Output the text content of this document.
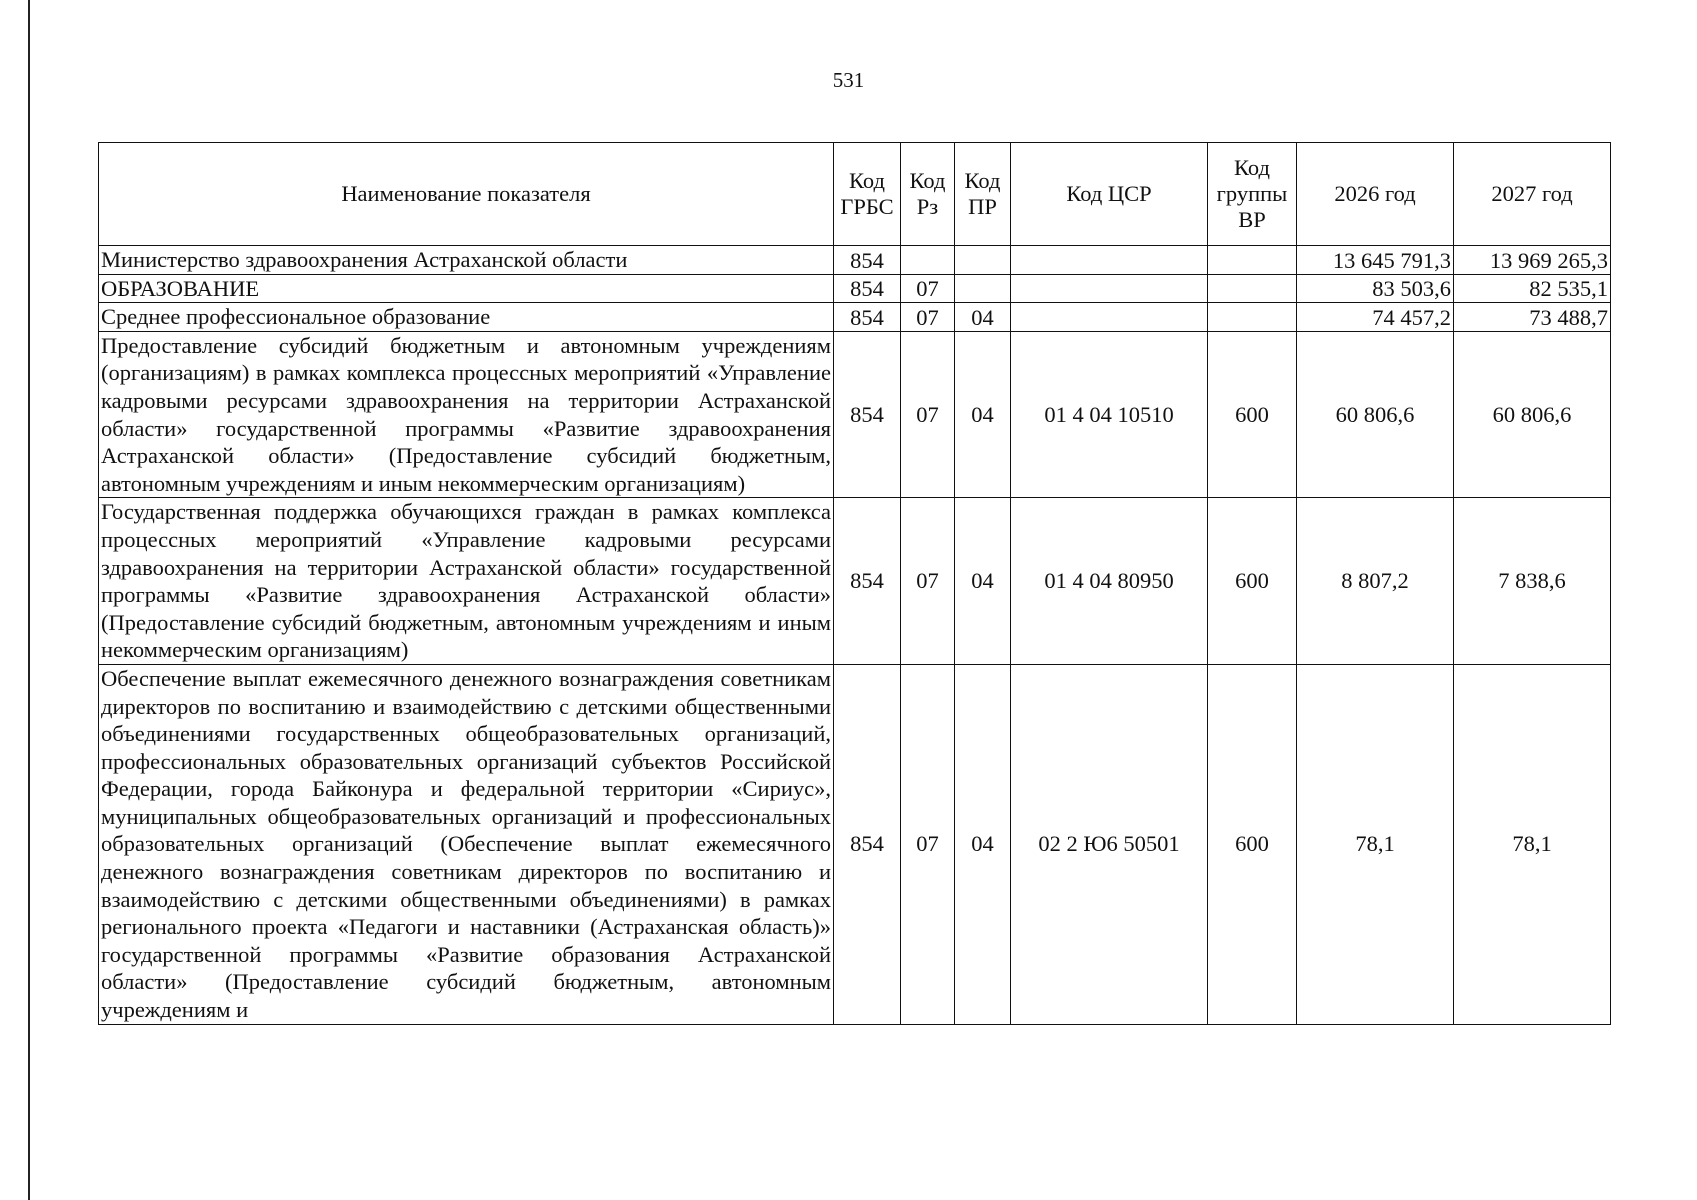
531
Наименование показателя	Код ГРБС	Код Рз	Код ПР	Код ЦСР	Код группы ВР	2026 год	2027 год
Министерство здравоохранения Астраханской области	854					13 645 791,3	13 969 265,3
ОБРАЗОВАНИЕ	854	07				83 503,6	82 535,1
Среднее профессиональное образование	854	07	04			74 457,2	73 488,7
Предоставление субсидий бюджетным и автономным учреждениям (организациям) в рамках комплекса процессных мероприятий «Управление кадровыми ресурсами здравоохранения на территории Астраханской области» государственной программы «Развитие здравоохранения Астраханской области» (Предоставление субсидий бюджетным, автономным учреждениям и иным некоммерческим организациям)	854	07	04	01 4 04 10510	600	60 806,6	60 806,6
Государственная поддержка обучающихся граждан в рамках комплекса процессных мероприятий «Управление кадровыми ресурсами здравоохранения на территории Астраханской области» государственной программы «Развитие здравоохранения Астраханской области» (Предоставление субсидий бюджетным, автономным учреждениям и иным некоммерческим организациям)	854	07	04	01 4 04 80950	600	8 807,2	7 838,6
Обеспечение выплат ежемесячного денежного вознаграждения советникам директоров по воспитанию и взаимодействию с детскими общественными объединениями государственных общеобразовательных организаций, профессиональных образовательных организаций субъектов Российской Федерации, города Байконура и федеральной территории «Сириус», муниципальных общеобразовательных организаций и профессиональных образовательных организаций (Обеспечение выплат ежемесячного денежного вознаграждения советникам директоров по воспитанию и взаимодействию с детскими общественными объединениями) в рамках регионального проекта «Педагоги и наставники (Астраханская область)» государственной программы «Развитие образования Астраханской области» (Предоставление субсидий бюджетным, автономным учреждениям и	854	07	04	02 2 Ю6 50501	600	78,1	78,1
